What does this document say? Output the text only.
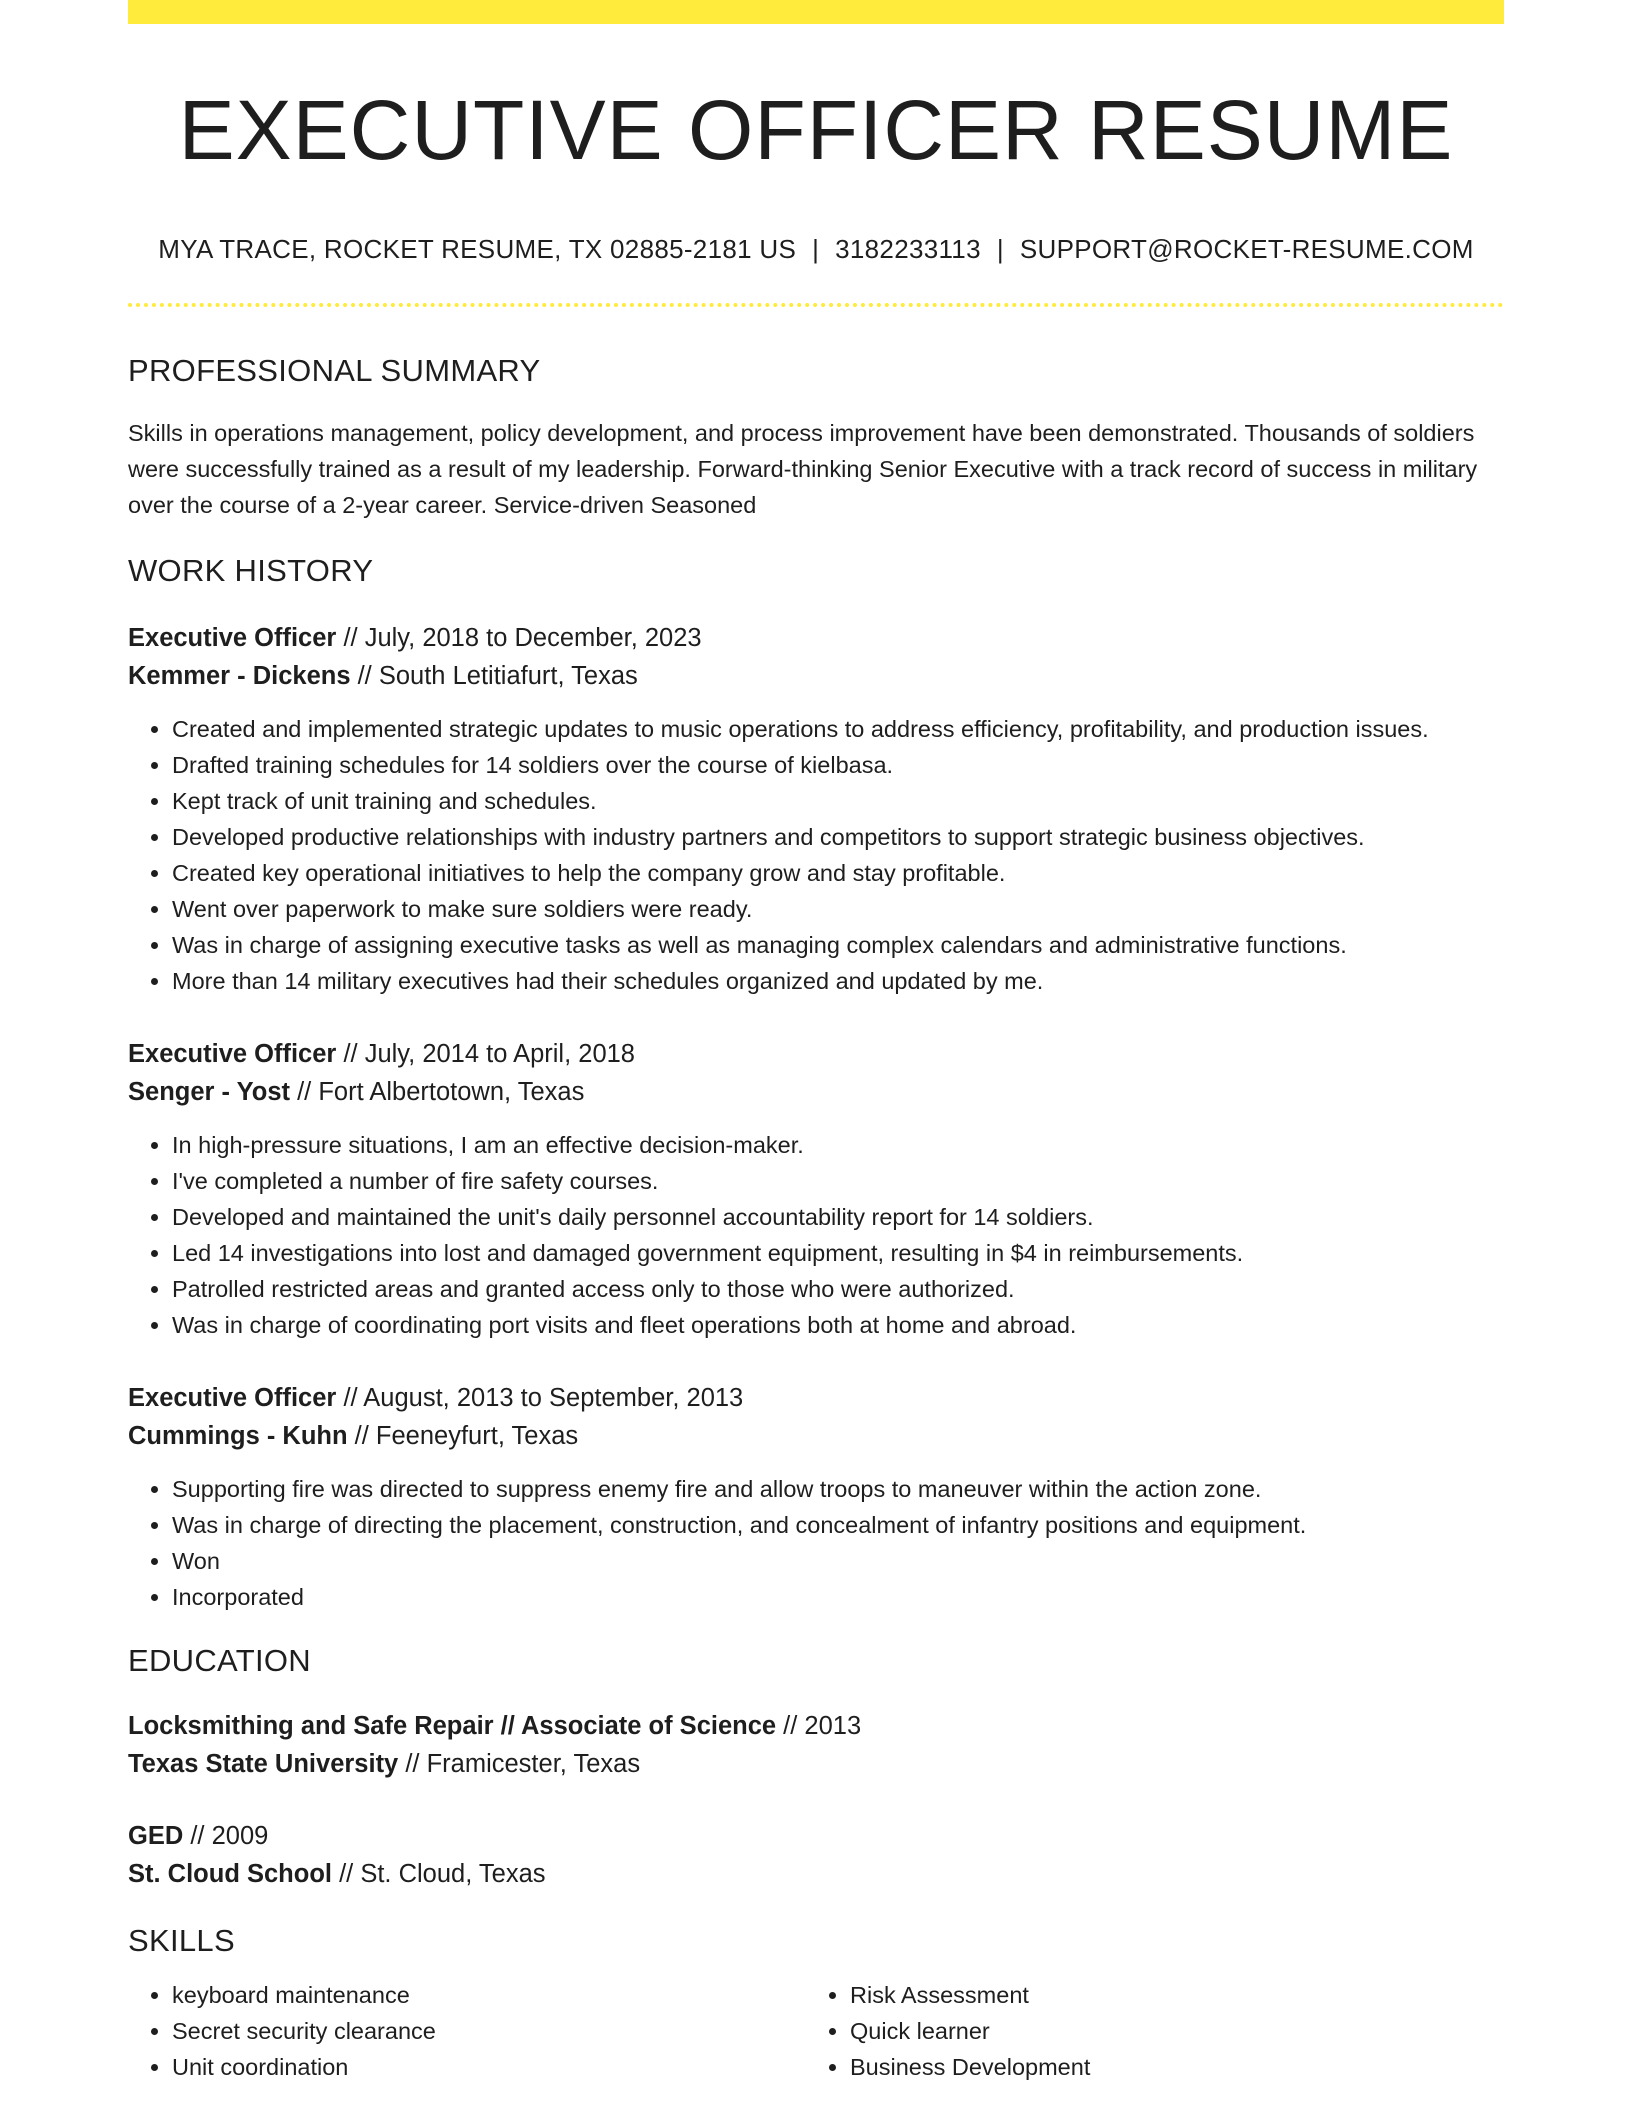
EXECUTIVE OFFICER RESUME
MYA TRACE, ROCKET RESUME, TX 02885-2181 US | 3182233113 | SUPPORT@ROCKET-RESUME.COM
PROFESSIONAL SUMMARY
Skills in operations management, policy development, and process improvement have been demonstrated. Thousands of soldiers were successfully trained as a result of my leadership. Forward-thinking Senior Executive with a track record of success in military over the course of a 2-year career. Service-driven Seasoned
WORK HISTORY
Executive Officer // July, 2018 to December, 2023
Kemmer - Dickens // South Letitiafurt, Texas
• Created and implemented strategic updates to music operations to address efficiency, profitability, and production issues.
• Drafted training schedules for 14 soldiers over the course of kielbasa.
• Kept track of unit training and schedules.
• Developed productive relationships with industry partners and competitors to support strategic business objectives.
• Created key operational initiatives to help the company grow and stay profitable.
• Went over paperwork to make sure soldiers were ready.
• Was in charge of assigning executive tasks as well as managing complex calendars and administrative functions.
• More than 14 military executives had their schedules organized and updated by me.
Executive Officer // July, 2014 to April, 2018
Senger - Yost // Fort Albertotown, Texas
• In high-pressure situations, I am an effective decision-maker.
• I've completed a number of fire safety courses.
• Developed and maintained the unit's daily personnel accountability report for 14 soldiers.
• Led 14 investigations into lost and damaged government equipment, resulting in $4 in reimbursements.
• Patrolled restricted areas and granted access only to those who were authorized.
• Was in charge of coordinating port visits and fleet operations both at home and abroad.
Executive Officer // August, 2013 to September, 2013
Cummings - Kuhn // Feeneyfurt, Texas
• Supporting fire was directed to suppress enemy fire and allow troops to maneuver within the action zone.
• Was in charge of directing the placement, construction, and concealment of infantry positions and equipment.
• Won
• Incorporated
EDUCATION
Locksmithing and Safe Repair // Associate of Science // 2013
Texas State University // Framicester, Texas
GED // 2009
St. Cloud School // St. Cloud, Texas
SKILLS
• keyboard maintenance
• Secret security clearance
• Unit coordination
• Risk Assessment
• Quick learner
• Business Development
